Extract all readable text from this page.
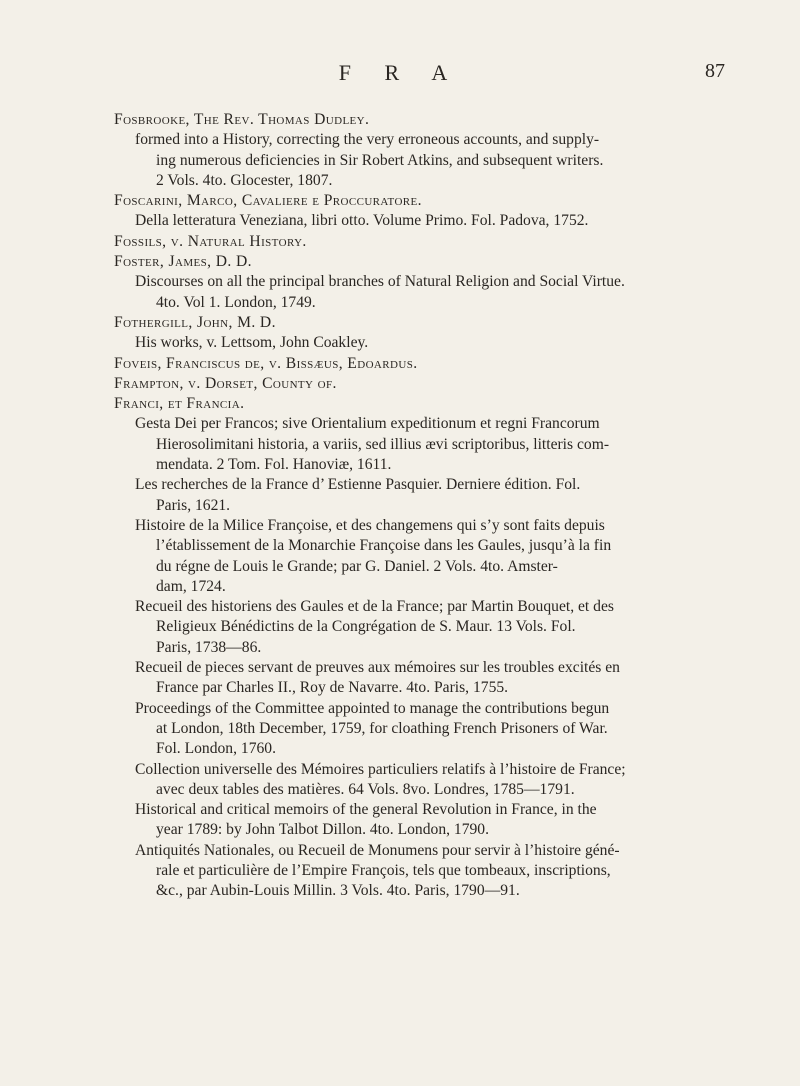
F R A	87
Fosbrooke, The Rev. Thomas Dudley.
formed into a History, correcting the very erroneous accounts, and supply-
ing numerous deficiencies in Sir Robert Atkins, and subsequent writers.
2 Vols. 4to. Glocester, 1807.
Foscarini, Marco, Cavaliere e Proccuratore.
Della letteratura Veneziana, libri otto. Volume Primo. Fol. Padova, 1752.
Fossils, v. Natural History.
Foster, James, D. D.
Discourses on all the principal branches of Natural Religion and Social Virtue.
4to. Vol 1. London, 1749.
Fothergill, John, M. D.
His works, v. Lettsom, John Coakley.
Foveis, Franciscus de, v. Bissæus, Edoardus.
Frampton, v. Dorset, County of.
Franci, et Francia.
Gesta Dei per Francos; sive Orientalium expeditionum et regni Francorum
Hierosolimitani historia, a variis, sed illius ævi scriptoribus, litteris com-
mendata. 2 Tom. Fol. Hanoviæ, 1611.
Les recherches de la France d’ Estienne Pasquier. Derniere édition. Fol.
Paris, 1621.
Histoire de la Milice Françoise, et des changemens qui s’y sont faits depuis
l’établissement de la Monarchie Françoise dans les Gaules, jusqu’à la fin
du régne de Louis le Grande; par G. Daniel. 2 Vols. 4to. Amster-
dam, 1724.
Recueil des historiens des Gaules et de la France; par Martin Bouquet, et des
Religieux Bénédictins de la Congrégation de S. Maur. 13 Vols. Fol.
Paris, 1738—86.
Recueil de pieces servant de preuves aux mémoires sur les troubles excités en
France par Charles II., Roy de Navarre. 4to. Paris, 1755.
Proceedings of the Committee appointed to manage the contributions begun
at London, 18th December, 1759, for cloathing French Prisoners of War.
Fol. London, 1760.
Collection universelle des Mémoires particuliers relatifs à l’histoire de France;
avec deux tables des matières. 64 Vols. 8vo. Londres, 1785—1791.
Historical and critical memoirs of the general Revolution in France, in the
year 1789: by John Talbot Dillon. 4to. London, 1790.
Antiquités Nationales, ou Recueil de Monumens pour servir à l’histoire géné-
rale et particulière de l’Empire François, tels que tombeaux, inscriptions,
&c., par Aubin-Louis Millin. 3 Vols. 4to. Paris, 1790—91.
